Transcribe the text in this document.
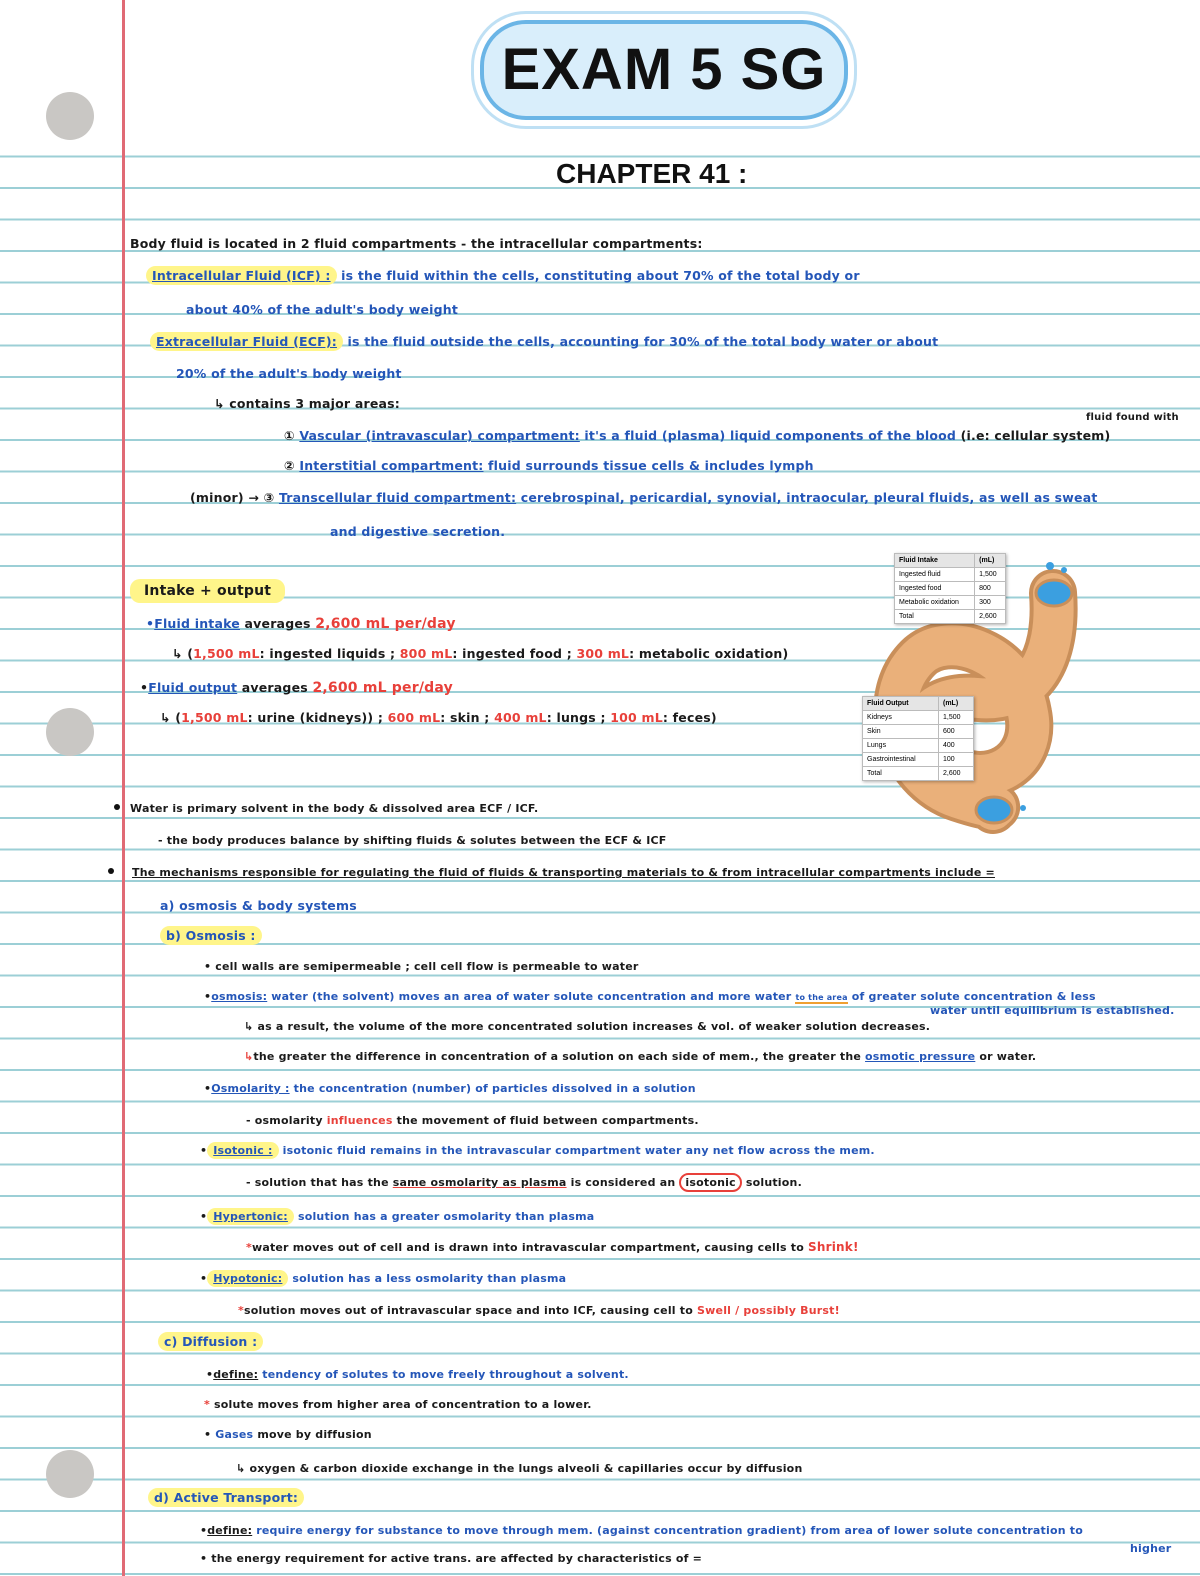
EXAM 5 SG
CHAPTER 41 :
Body fluid is located in 2 fluid compartments - the intracellular compartments:
Intracellular Fluid (ICF) : is the fluid within the cells, constituting about 70% of the total body or
about 40% of the adult's body weight
Extracellular Fluid (ECF): is the fluid outside the cells, accounting for 30% of the total body water or about
20% of the adult's body weight
↳ contains 3 major areas:
① Vascular (intravascular) compartment: it's a fluid (plasma) liquid components of the blood (i.e: cellular system)
fluid found with
② Interstitial compartment: fluid surrounds tissue cells & includes lymph
(minor) → ③ Transcellular fluid compartment: cerebrospinal, pericardial, synovial, intraocular, pleural fluids, as well as sweat
and digestive secretion.
Intake + output
•Fluid intake averages 2,600 mL per/day
↳ (1,500 mL: ingested liquids ; 800 mL: ingested food ; 300 mL: metabolic oxidation)
•Fluid output averages 2,600 mL per/day
↳ (1,500 mL: urine (kidneys)) ; 600 mL: skin ; 400 mL: lungs ; 100 mL: feces)
Fluid Intake	(mL)
Ingested fluid	1,500
Ingested food	800
Metabolic oxidation	300
Total	2,600
Fluid Output	(mL)
Kidneys	1,500
Skin	600
Lungs	400
Gastrointestinal	100
Total	2,600
Water is primary solvent in the body & dissolved area ECF / ICF.
- the body produces balance by shifting fluids & solutes between the ECF & ICF
The mechanisms responsible for regulating the fluid of fluids & transporting materials to & from intracellular compartments include =
a) osmosis & body systems
b) Osmosis :
• cell walls are semipermeable ; cell cell flow is permeable to water
•osmosis: water (the solvent) moves an area of water solute concentration and more water to the area of greater solute concentration & less
water until equilibrium is established.
↳ as a result, the volume of the more concentrated solution increases & vol. of weaker solution decreases.
↳the greater the difference in concentration of a solution on each side of mem., the greater the osmotic pressure or water.
•Osmolarity : the concentration (number) of particles dissolved in a solution
- osmolarity influences the movement of fluid between compartments.
• Isotonic : isotonic fluid remains in the intravascular compartment water any net flow across the mem.
- solution that has the same osmolarity as plasma is considered an isotonic solution.
• Hypertonic: solution has a greater osmolarity than plasma
*water moves out of cell and is drawn into intravascular compartment, causing cells to Shrink!
• Hypotonic: solution has a less osmolarity than plasma
*solution moves out of intravascular space and into ICF, causing cell to Swell / possibly Burst!
c) Diffusion :
•define: tendency of solutes to move freely throughout a solvent.
* solute moves from higher area of concentration to a lower.
• Gases move by diffusion
↳ oxygen & carbon dioxide exchange in the lungs alveoli & capillaries occur by diffusion
d) Active Transport:
•define: require energy for substance to move through mem. (against concentration gradient) from area of lower solute concentration to
higher
• the energy requirement for active trans. are affected by characteristics of =
